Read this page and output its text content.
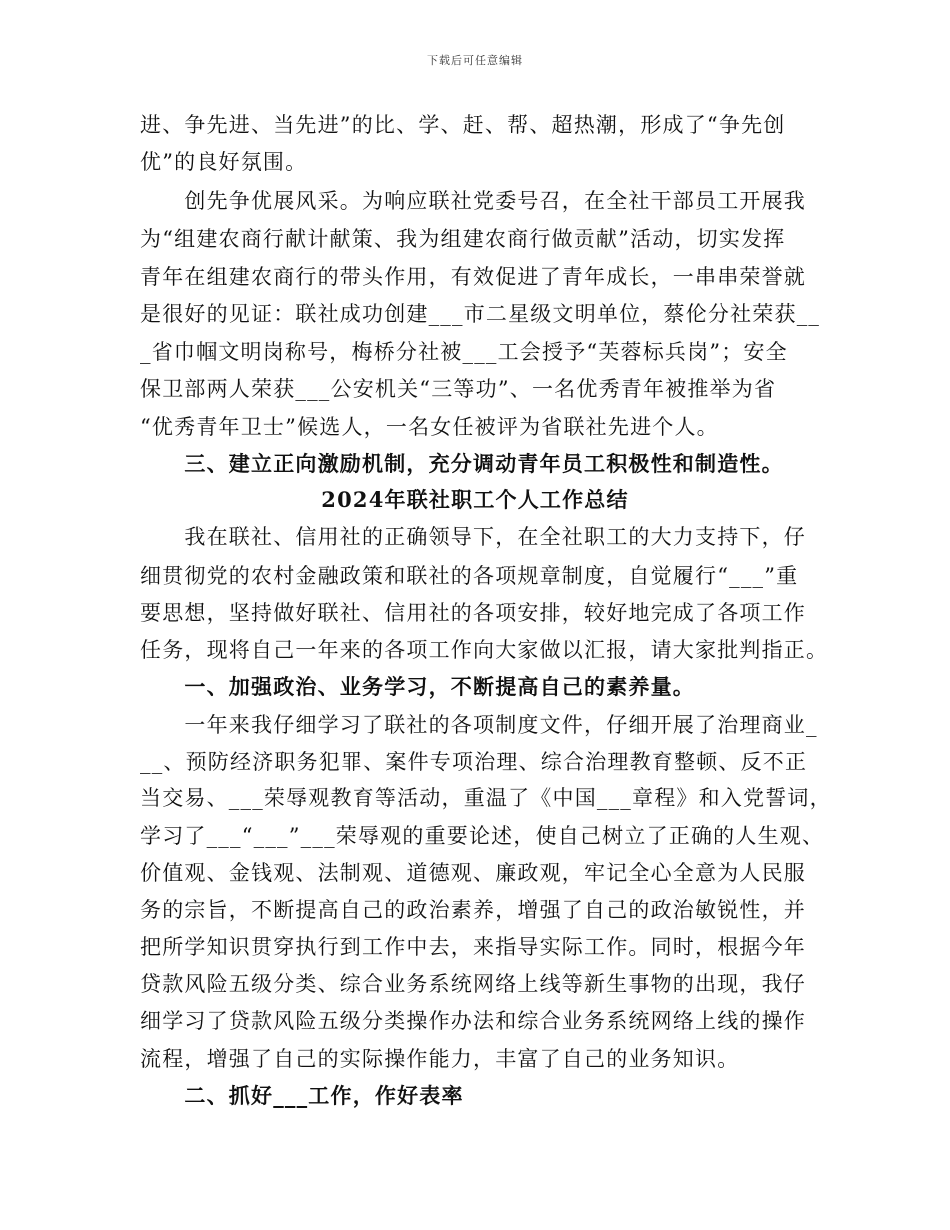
下载后可任意编辑
进、争先进、当先进”的比、学、赶、帮、超热潮，形成了“争先创
优”的良好氛围。
　　创先争优展风采。为响应联社党委号召，在全社干部员工开展我
为“组建农商行献计献策、我为组建农商行做贡献”活动，切实发挥
青年在组建农商行的带头作用，有效促进了青年成长，一串串荣誉就
是很好的见证：联社成功创建___市二星级文明单位，蔡伦分社荣获__
_省巾帼文明岗称号，梅桥分社被___工会授予“芙蓉标兵岗”；安全
保卫部两人荣获___公安机关“三等功”、一名优秀青年被推举为省
“优秀青年卫士”候选人，一名女任被评为省联社先进个人。
　　三、建立正向激励机制，充分调动青年员工积极性和制造性。
2024年联社职工个人工作总结
　　我在联社、信用社的正确领导下，在全社职工的大力支持下，仔
细贯彻党的农村金融政策和联社的各项规章制度，自觉履行“___”重
要思想，坚持做好联社、信用社的各项安排，较好地完成了各项工作
任务，现将自己一年来的各项工作向大家做以汇报，请大家批判指正。
　　一、加强政治、业务学习，不断提高自己的素养量。
　　一年来我仔细学习了联社的各项制度文件，仔细开展了治理商业_
__、预防经济职务犯罪、案件专项治理、综合治理教育整顿、反不正
当交易、___荣辱观教育等活动，重温了《中国___章程》和入党誓词，
学习了___“___”___荣辱观的重要论述，使自己树立了正确的人生观、
价值观、金钱观、法制观、道德观、廉政观，牢记全心全意为人民服
务的宗旨，不断提高自己的政治素养，增强了自己的政治敏锐性，并
把所学知识贯穿执行到工作中去，来指导实际工作。同时，根据今年
贷款风险五级分类、综合业务系统网络上线等新生事物的出现，我仔
细学习了贷款风险五级分类操作办法和综合业务系统网络上线的操作
流程，增强了自己的实际操作能力，丰富了自己的业务知识。
　　二、抓好___工作，作好表率
